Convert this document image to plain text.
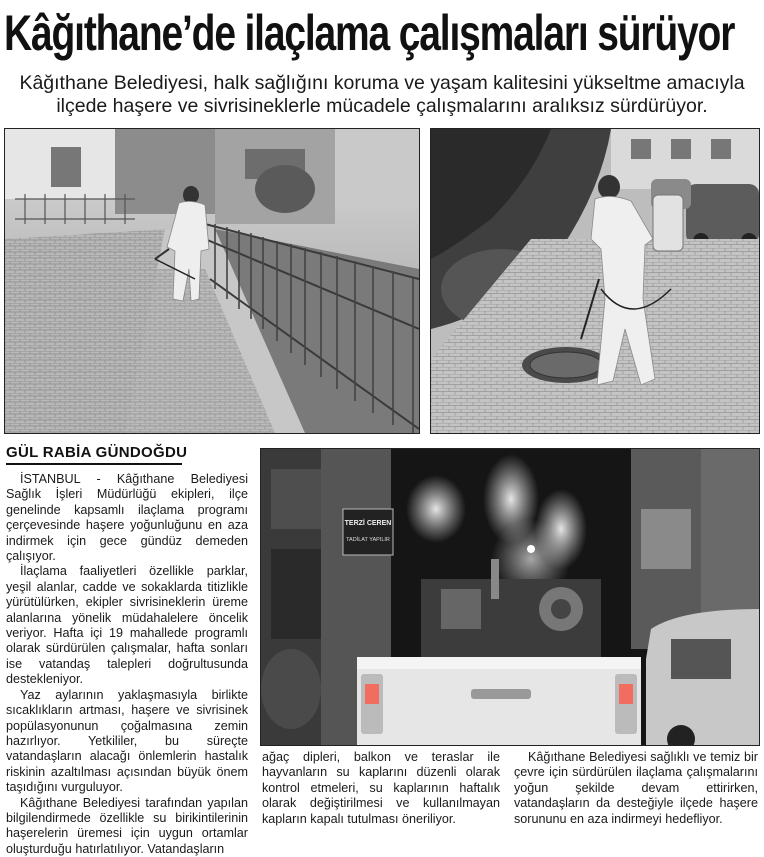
Kâğıthane’de ilaçlama çalışmaları sürüyor
Kâğıthane Belediyesi, halk sağlığını koruma ve yaşam kalitesini yükseltme amacıyla ilçede haşere ve sivrisineklerle mücadele çalışmalarını aralıksız sürdürüyor.
GÜL RABİA GÜNDOĞDU
TERZİ CEREN
TADİLAT YAPILIR

İSTANBUL - Kâğıthane Belediyesi Sağlık İşleri Müdürlüğü ekipleri, ilçe genelinde kapsamlı ilaçlama programı çerçevesinde haşere yoğunluğunu en aza indirmek için gece gündüz demeden çalışıyor.

İlaçlama faaliyetleri özellikle parklar, yeşil alanlar, cadde ve sokaklarda titizlikle yürütülürken, ekipler sivrisineklerin üreme alanlarına yönelik müdahalelere öncelik veriyor. Hafta içi 19 mahallede programlı olarak sürdürülen çalışmalar, hafta sonları ise vatandaş talepleri doğrultusunda destekleniyor.

Yaz aylarının yaklaşmasıyla birlikte sıcaklıkların artması, haşere ve sivrisinek popülasyonunun çoğalmasına zemin hazırlıyor. Yetkililer, bu süreçte vatandaşların alacağı önlemlerin hastalık riskinin azaltılması açısından büyük önem taşıdığını vurguluyor.

Kâğıthane Belediyesi tarafından yapılan bilgilendirmede özellikle su birikintilerinin haşerelerin üremesi için uygun ortamlar oluşturduğu hatırlatılıyor. Vatandaşların

ağaç dipleri, balkon ve teraslar ile hayvanların su kaplarını düzenli olarak kontrol etmeleri, su kaplarının haftalık olarak değiştirilmesi ve kullanılmayan kapların kapalı tutulması öneriliyor.

Kâğıthane Belediyesi sağlıklı ve temiz bir çevre için sürdürülen ilaçlama çalışmalarını yoğun şekilde devam ettirirken, vatandaşların da desteğiyle ilçede haşere sorununu en aza indirmeyi hedefliyor.
